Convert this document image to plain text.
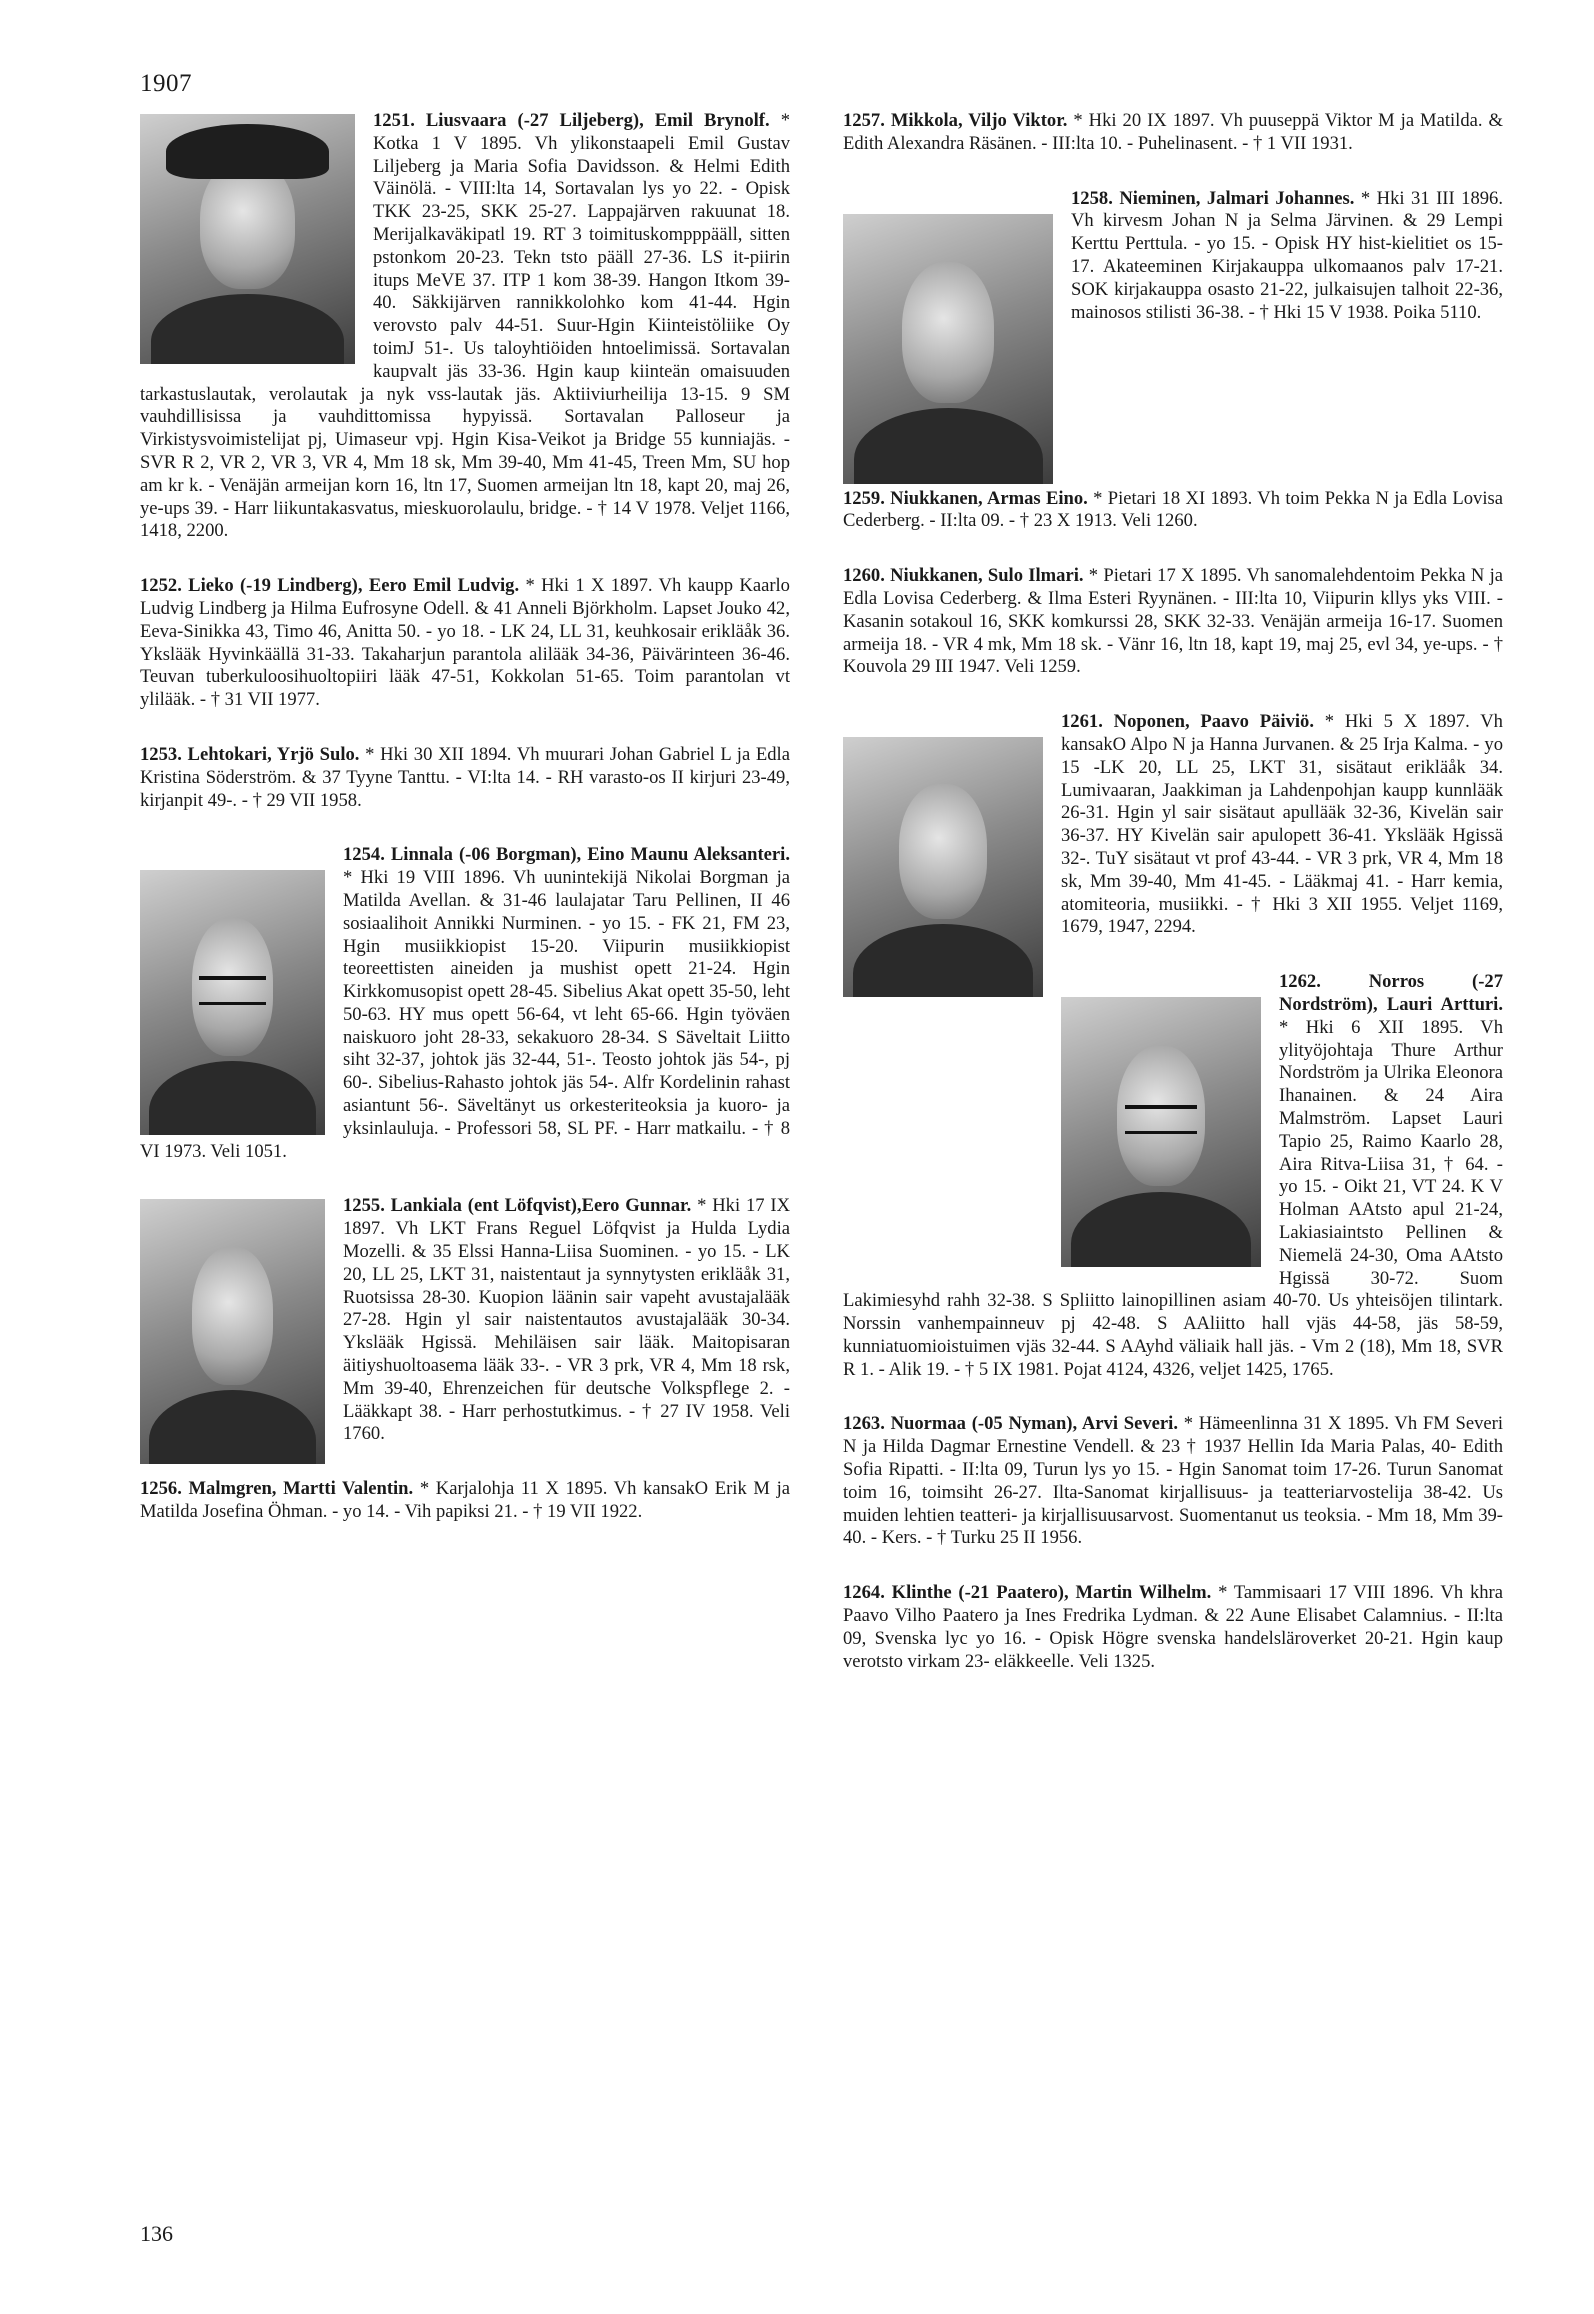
1907
1251. Liusvaara (-27 Liljeberg), Emil Brynolf. * Kotka 1 V 1895. Vh ylikonstaapeli Emil Gustav Liljeberg ja Maria Sofia Davidsson. & Helmi Edith Väinölä. - VIII:lta 14, Sortavalan lys yo 22. - Opisk TKK 23-25, SKK 25-27. Lappajärven rakuunat 18. Merijalkaväkipatl 19. RT 3 toimituskompppääll, sitten pstonkom 20-23. Tekn tsto pääll 27-36. LS it-piirin itups MeVE 37. ITP 1 kom 38-39. Hangon Itkom 39-40. Säkkijärven rannikkolohko kom 41-44. Hgin verovsto palv 44-51. Suur-Hgin Kiinteistöliike Oy toimJ 51-. Us taloyhtiöiden hntoelimissä. Sortavalan kaupvalt jäs 33-36. Hgin kaup kiinteän omaisuuden tarkastuslautak, verolautak ja nyk vss-lautak jäs. Aktiiviurheilija 13-15. 9 SM vauhdillisissa ja vauhdittomissa hypyissä. Sortavalan Palloseur ja Virkistysvoimistelijat pj, Uimaseur vpj. Hgin Kisa-Veikot ja Bridge 55 kunniajäs. - SVR R 2, VR 2, VR 3, VR 4, Mm 18 sk, Mm 39-40, Mm 41-45, Treen Mm, SU hop am kr k. - Venäjän armeijan korn 16, ltn 17, Suomen armeijan ltn 18, kapt 20, maj 26, ye-ups 39. - Harr liikuntakasvatus, mieskuorolaulu, bridge. - † 14 V 1978. Veljet 1166, 1418, 2200.
1252. Lieko (-19 Lindberg), Eero Emil Ludvig. * Hki 1 X 1897. Vh kaupp Kaarlo Ludvig Lindberg ja Hilma Eufrosyne Odell. & 41 Anneli Björkholm. Lapset Jouko 42, Eeva-Sinikka 43, Timo 46, Anitta 50. - yo 18. - LK 24, LL 31, keuhkosair erikläåk 36. Ykslääk Hyvinkäällä 31-33. Takaharjun parantola alilääk 34-36, Päivärinteen 36-46. Teuvan tuberkuloosihuoltopiiri lääk 47-51, Kokkolan 51-65. Toim parantolan vt ylilääk. - † 31 VII 1977.
1253. Lehtokari, Yrjö Sulo. * Hki 30 XII 1894. Vh muurari Johan Gabriel L ja Edla Kristina Söderström. & 37 Tyyne Tanttu. - VI:lta 14. - RH varasto-os II kirjuri 23-49, kirjanpit 49-. - † 29 VII 1958.
1254. Linnala (-06 Borgman), Eino Maunu Aleksanteri. * Hki 19 VIII 1896. Vh uunintekijä Nikolai Borgman ja Matilda Avellan. & 31-46 laulajatar Taru Pellinen, II 46 sosiaalihoit Annikki Nurminen. - yo 15. - FK 21, FM 23, Hgin musiikkiopist 15-20. Viipurin musiikkiopist teoreettisten aineiden ja mushist opett 21-24. Hgin Kirkkomusopist opett 28-45. Sibelius Akat opett 35-50, leht 50-63. HY mus opett 56-64, vt leht 65-66. Hgin työväen naiskuoro joht 28-33, sekakuoro 28-34. S Säveltait Liitto siht 32-37, johtok jäs 32-44, 51-. Teosto johtok jäs 54-, pj 60-. Sibelius-Rahasto johtok jäs 54-. Alfr Kordelinin rahast asiantunt 56-. Säveltänyt us orkesteriteoksia ja kuoro- ja yksinlauluja. - Professori 58, SL PF. - Harr matkailu. - † 8 VI 1973. Veli 1051.
1255. Lankiala (ent Löfqvist),Eero Gunnar. * Hki 17 IX 1897. Vh LKT Frans Reguel Löfqvist ja Hulda Lydia Mozelli. & 35 Elssi Hanna-Liisa Suominen. - yo 15. - LK 20, LL 25, LKT 31, naistentaut ja synnytysten erikläåk 31, Ruotsissa 28-30. Kuopion läänin sair vapeht avustajalääk 27-28. Hgin yl sair naistentautos avustajalääk 30-34. Ykslääk Hgissä. Mehiläisen sair lääk. Maitopisaran äitiyshuoltoasema lääk 33-. - VR 3 prk, VR 4, Mm 18 rsk, Mm 39-40, Ehrenzeichen für deutsche Volkspflege 2. - Lääkkapt 38. - Harr perhostutkimus. - † 27 IV 1958. Veli 1760.
1256. Malmgren, Martti Valentin. * Karjalohja 11 X 1895. Vh kansakO Erik M ja Matilda Josefina Öhman. - yo 14. - Vih papiksi 21. - † 19 VII 1922.
1257. Mikkola, Viljo Viktor. * Hki 20 IX 1897. Vh puuseppä Viktor M ja Matilda. & Edith Alexandra Räsänen. - III:lta 10. - Puhelinasent. - † 1 VII 1931.
1258. Nieminen, Jalmari Johannes. * Hki 31 III 1896. Vh kirvesm Johan N ja Selma Järvinen. & 29 Lempi Kerttu Perttula. - yo 15. - Opisk HY hist-kielitiet os 15-17. Akateeminen Kirjakauppa ulkomaanos palv 17-21. SOK kirjakauppa osasto 21-22, julkaisujen talhoit 22-36, mainosos stilisti 36-38. - † Hki 15 V 1938. Poika 5110.
1259. Niukkanen, Armas Eino. * Pietari 18 XI 1893. Vh toim Pekka N ja Edla Lovisa Cederberg. - II:lta 09. - † 23 X 1913. Veli 1260.
1260. Niukkanen, Sulo Ilmari. * Pietari 17 X 1895. Vh sanomalehdentoim Pekka N ja Edla Lovisa Cederberg. & Ilma Esteri Ryynänen. - III:lta 10, Viipurin kllys yks VIII. - Kasanin sotakoul 16, SKK komkurssi 28, SKK 32-33. Venäjän armeija 16-17. Suomen armeija 18. - VR 4 mk, Mm 18 sk. - Vänr 16, ltn 18, kapt 19, maj 25, evl 34, ye-ups. - † Kouvola 29 III 1947. Veli 1259.
1261. Noponen, Paavo Päiviö. * Hki 5 X 1897. Vh kansakO Alpo N ja Hanna Jurvanen. & 25 Irja Kalma. - yo 15 -LK 20, LL 25, LKT 31, sisätaut erikläåk 34. Lumivaaran, Jaakkiman ja Lahdenpohjan kaupp kunnlääk 26-31. Hgin yl sair sisätaut apullääk 32-36, Kivelän sair 36-37. HY Kivelän sair apulopett 36-41. Ykslääk Hgissä 32-. TuY sisätaut vt prof 43-44. - VR 3 prk, VR 4, Mm 18 sk, Mm 39-40, Mm 41-45. - Lääkmaj 41. - Harr kemia, atomiteoria, musiikki. - † Hki 3 XII 1955. Veljet 1169, 1679, 1947, 2294.
1262. Norros (-27 Nordström), Lauri Artturi. * Hki 6 XII 1895. Vh ylityöjohtaja Thure Arthur Nordström ja Ulrika Eleonora Ihanainen. & 24 Aira Malmström. Lapset Lauri Tapio 25, Raimo Kaarlo 28, Aira Ritva-Liisa 31, † 64. - yo 15. - Oikt 21, VT 24. K V Holman AAtsto apul 21-24, Lakiasiaintsto Pellinen & Niemelä 24-30, Oma AAtsto Hgissä 30-72. Suom Lakimiesyhd rahh 32-38. S Spliitto lainopillinen asiam 40-70. Us yhteisöjen tilintark. Norssin vanhempainneuv pj 42-48. S AAliitto hall vjäs 44-58, jäs 58-59, kunniatuomioistuimen vjäs 32-44. S AAyhd väliaik hall jäs. - Vm 2 (18), Mm 18, SVR R 1. - Alik 19. - † 5 IX 1981. Pojat 4124, 4326, veljet 1425, 1765.
1263. Nuormaa (-05 Nyman), Arvi Severi. * Hämeenlinna 31 X 1895. Vh FM Severi N ja Hilda Dagmar Ernestine Vendell. & 23 † 1937 Hellin Ida Maria Palas, 40- Edith Sofia Ripatti. - II:lta 09, Turun lys yo 15. - Hgin Sanomat toim 17-26. Turun Sanomat toim 16, toimsiht 26-27. Ilta-Sanomat kirjallisuus- ja teatteriarvostelija 38-42. Us muiden lehtien teatteri- ja kirjallisuusarvost. Suomentanut us teoksia. - Mm 18, Mm 39-40. - Kers. - † Turku 25 II 1956.
1264. Klinthe (-21 Paatero), Martin Wilhelm. * Tammisaari 17 VIII 1896. Vh khra Paavo Vilho Paatero ja Ines Fredrika Lydman. & 22 Aune Elisabet Calamnius. - II:lta 09, Svenska lyc yo 16. - Opisk Högre svenska handelsläroverket 20-21. Hgin kaup verotsto virkam 23- eläkkeelle. Veli 1325.
136
